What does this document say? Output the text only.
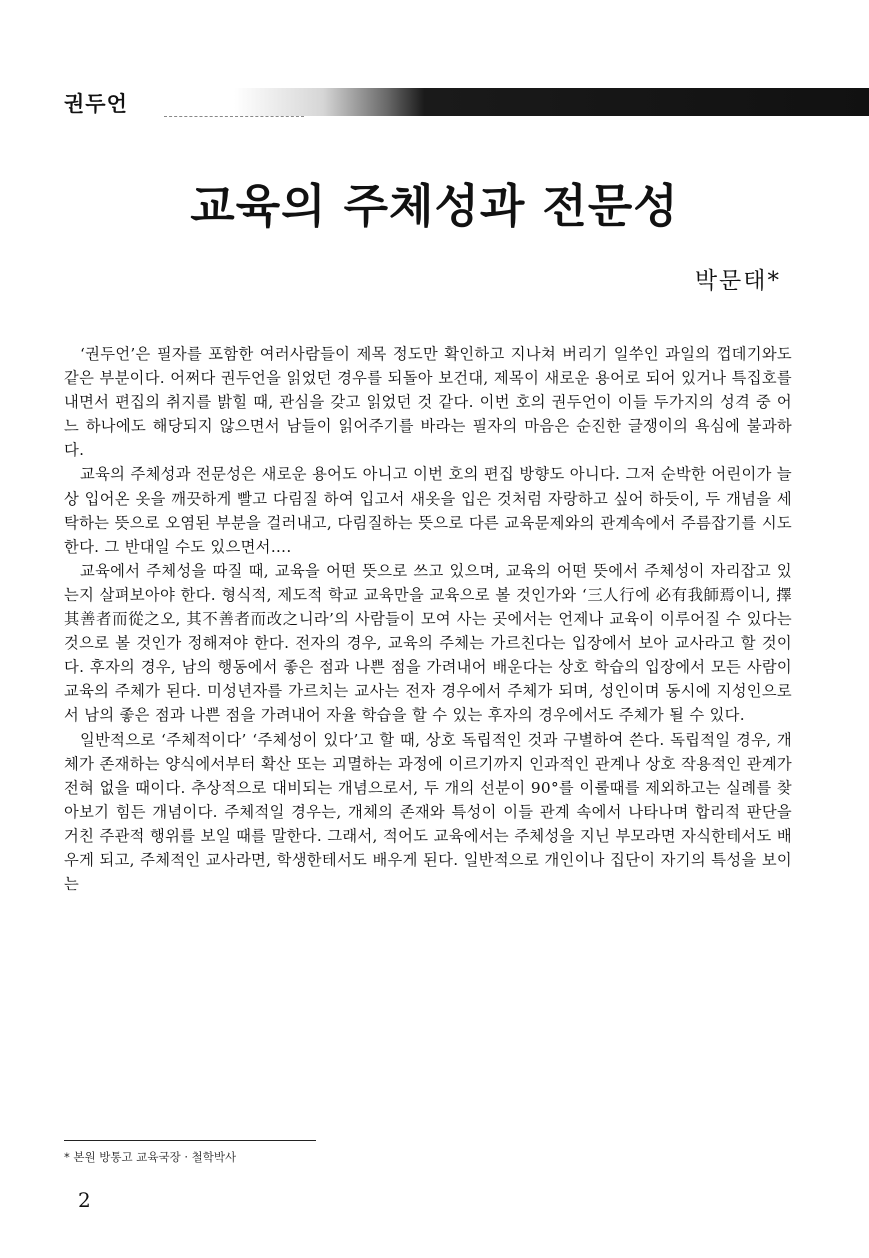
권두언
교육의 주체성과 전문성
박문태*

‘권두언’은 필자를 포함한 여러사람들이 제목 정도만 확인하고 지나쳐 버리기 일쑤인 과일의 껍데기와도 같은 부분이다. 어쩌다 권두언을 읽었던 경우를 되돌아 보건대, 제목이 새로운 용어로 되어 있거나 특집호를 내면서 편집의 취지를 밝힐 때, 관심을 갖고 읽었던 것 같다. 이번 호의 권두언이 이들 두가지의 성격 중 어느 하나에도 해당되지 않으면서 남들이 읽어주기를 바라는 필자의 마음은 순진한 글쟁이의 욕심에 불과하다.

교육의 주체성과 전문성은 새로운 용어도 아니고 이번 호의 편집 방향도 아니다. 그저 순박한 어린이가 늘상 입어온 옷을 깨끗하게 빨고 다림질 하여 입고서 새옷을 입은 것처럼 자랑하고 싶어 하듯이, 두 개념을 세탁하는 뜻으로 오염된 부분을 걸러내고, 다림질하는 뜻으로 다른 교육문제와의 관계속에서 주름잡기를 시도한다. 그 반대일 수도 있으면서….

교육에서 주체성을 따질 때, 교육을 어떤 뜻으로 쓰고 있으며, 교육의 어떤 뜻에서 주체성이 자리잡고 있는지 살펴보아야 한다. 형식적, 제도적 학교 교육만을 교육으로 볼 것인가와 ‘三人行에 必有我師焉이니, 擇其善者而從之오, 其不善者而改之니라’의 사람들이 모여 사는 곳에서는 언제나 교육이 이루어질 수 있다는 것으로 볼 것인가 정해져야 한다. 전자의 경우, 교육의 주체는 가르친다는 입장에서 보아 교사라고 할 것이다. 후자의 경우, 남의 행동에서 좋은 점과 나쁜 점을 가려내어 배운다는 상호 학습의 입장에서 모든 사람이 교육의 주체가 된다. 미성년자를 가르치는 교사는 전자 경우에서 주체가 되며, 성인이며 동시에 지성인으로서 남의 좋은 점과 나쁜 점을 가려내어 자율 학습을 할 수 있는 후자의 경우에서도 주체가 될 수 있다.

일반적으로 ‘주체적이다’ ‘주체성이 있다’고 할 때, 상호 독립적인 것과 구별하여 쓴다. 독립적일 경우, 개체가 존재하는 양식에서부터 확산 또는 괴멸하는 과정에 이르기까지 인과적인 관계나 상호 작용적인 관계가 전혀 없을 때이다. 추상적으로 대비되는 개념으로서, 두 개의 선분이 90°를 이룰때를 제외하고는 실례를 찾아보기 힘든 개념이다. 주체적일 경우는, 개체의 존재와 특성이 이들 관계 속에서 나타나며 합리적 판단을 거친 주관적 행위를 보일 때를 말한다. 그래서, 적어도 교육에서는 주체성을 지닌 부모라면 자식한테서도 배우게 되고, 주체적인 교사라면, 학생한테서도 배우게 된다. 일반적으로 개인이나 집단이 자기의 특성을 보이는

* 본원 방통고 교육국장 · 철학박사
2
